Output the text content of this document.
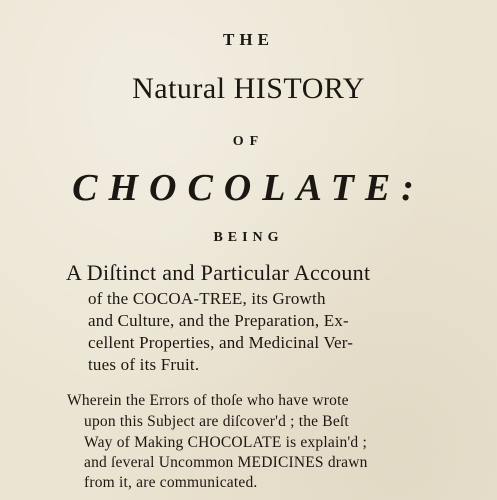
THE

Natural HISTORY

OF

CHOCOLATE:

BEING

A Diſtinct and Particular Account

of the COCOA-TREE, its Growth

and Culture, and the Preparation, Ex-

cellent Properties, and Medicinal Ver-

tues of its Fruit.

Wherein the Errors of thoſe who have wrote

upon this Subject are diſcover'd ; the Beſt

Way of Making CHOCOLATE is explain'd ;

and ſeveral Uncommon MEDICINES drawn

from it, are communicated.
